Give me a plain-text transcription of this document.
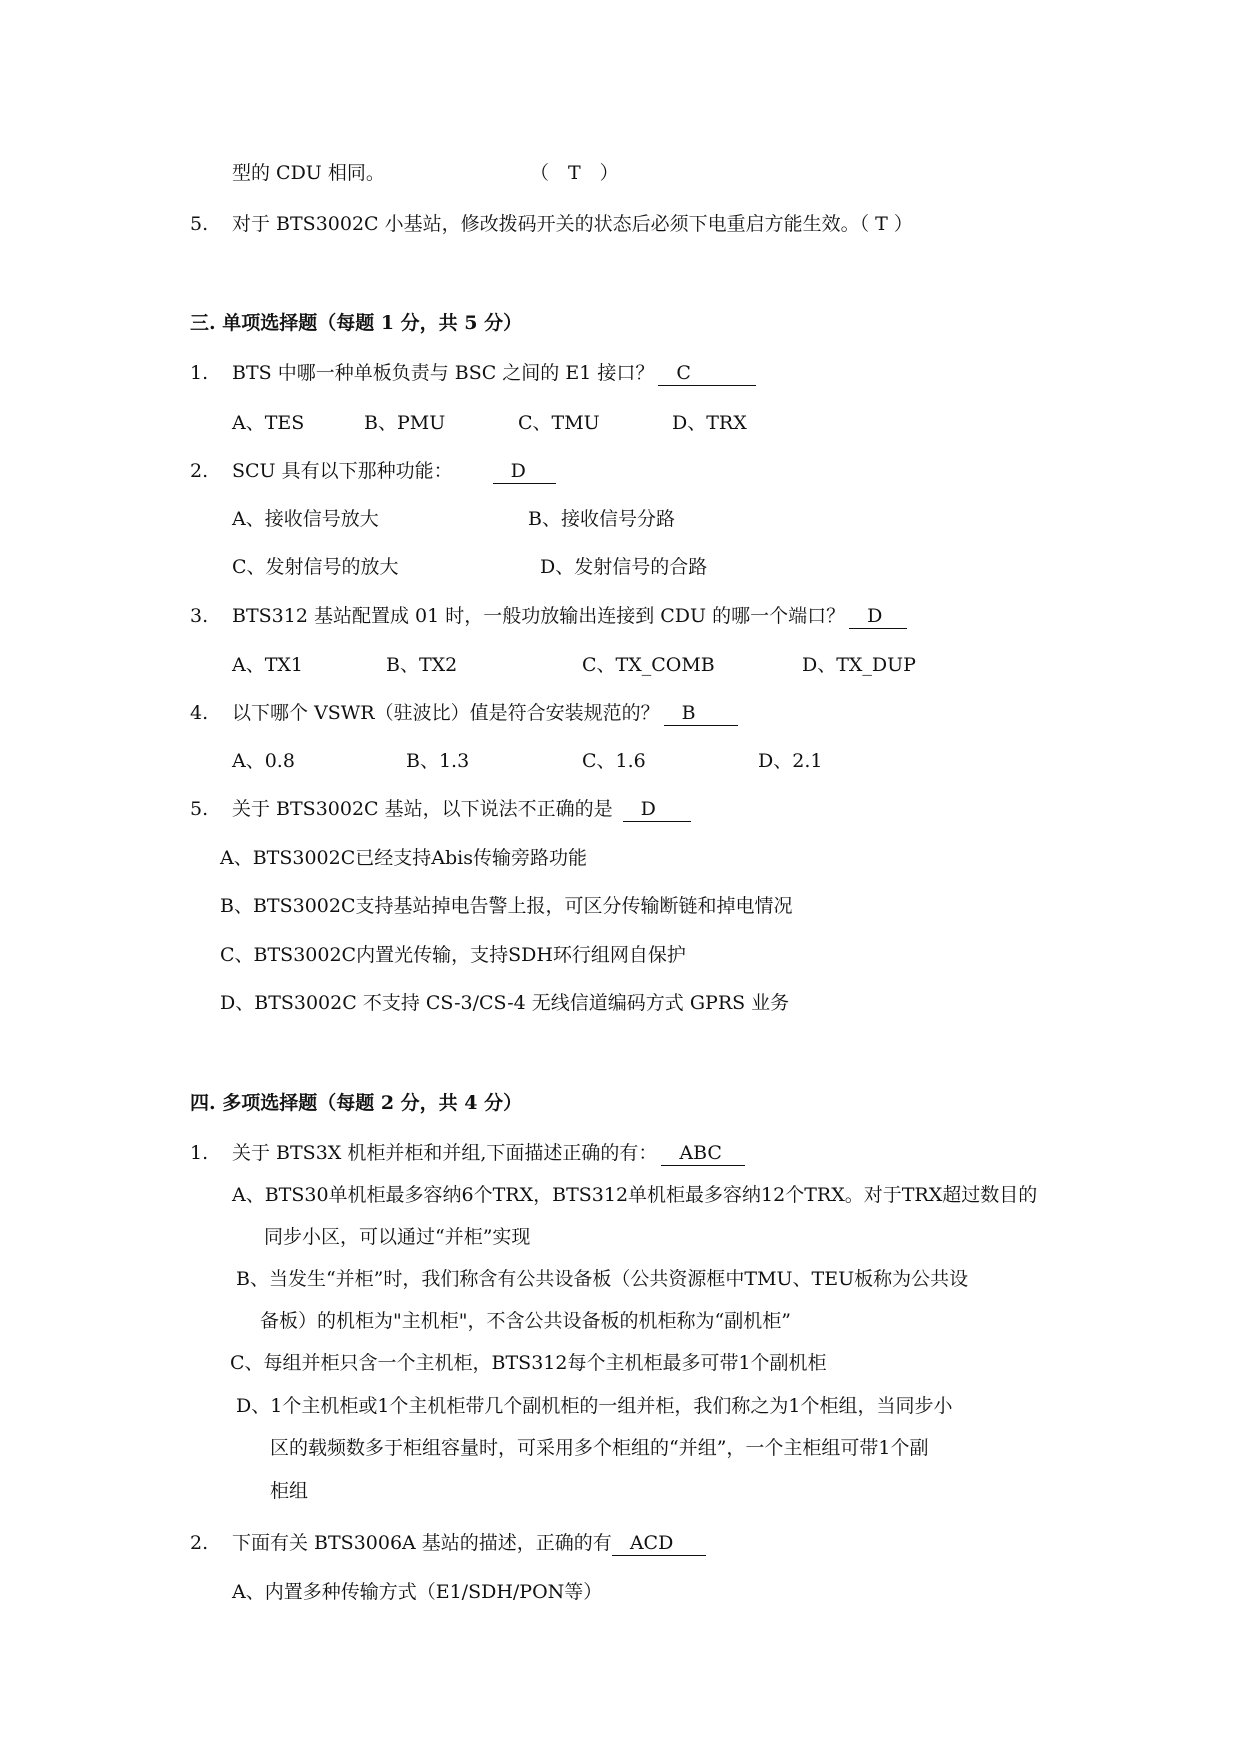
型的 CDU 相同。	（　T　）
5. 对于 BTS3002C 小基站，修改拨码开关的状态后必须下电重启方能生效。（ T ）
三. 单项选择题（每题 1 分，共 5 分）
1. BTS 中哪一种单板负责与 BSC 之间的 E1 接口？ C
A、TES	B、PMU	C、TMU	D、TRX
2. SCU 具有以下那种功能：	D
A、接收信号放大	B、接收信号分路
C、发射信号的放大	D、发射信号的合路
3. BTS312 基站配置成 01 时，一般功放输出连接到 CDU 的哪一个端口？ D
A、TX1	B、TX2	C、TX_COMB	D、TX_DUP
4. 以下哪个 VSWR（驻波比）值是符合安装规范的？ B
A、0.8	B、1.3	C、1.6	D、2.1
5. 关于 BTS3002C 基站，以下说法不正确的是 D
A、BTS3002C已经支持Abis传输旁路功能
B、BTS3002C支持基站掉电告警上报，可区分传输断链和掉电情况
C、BTS3002C内置光传输，支持SDH环行组网自保护
D、BTS3002C 不支持 CS-3/CS-4 无线信道编码方式 GPRS 业务
四. 多项选择题（每题 2 分，共 4 分）
1. 关于 BTS3X 机柜并柜和并组,下面描述正确的有： ABC
A、BTS30单机柜最多容纳6个TRX，BTS312单机柜最多容纳12个TRX。对于TRX超过数目的
同步小区，可以通过“并柜”实现
B、当发生“并柜”时，我们称含有公共设备板（公共资源框中TMU、TEU板称为公共设
备板）的机柜为"主机柜"，不含公共设备板的机柜称为“副机柜”
C、每组并柜只含一个主机柜，BTS312每个主机柜最多可带1个副机柜
D、1个主机柜或1个主机柜带几个副机柜的一组并柜，我们称之为1个柜组，当同步小
区的载频数多于柜组容量时，可采用多个柜组的“并组”，一个主柜组可带1个副
柜组
2. 下面有关 BTS3006A 基站的描述，正确的有 ACD
A、内置多种传输方式（E1/SDH/PON等）
